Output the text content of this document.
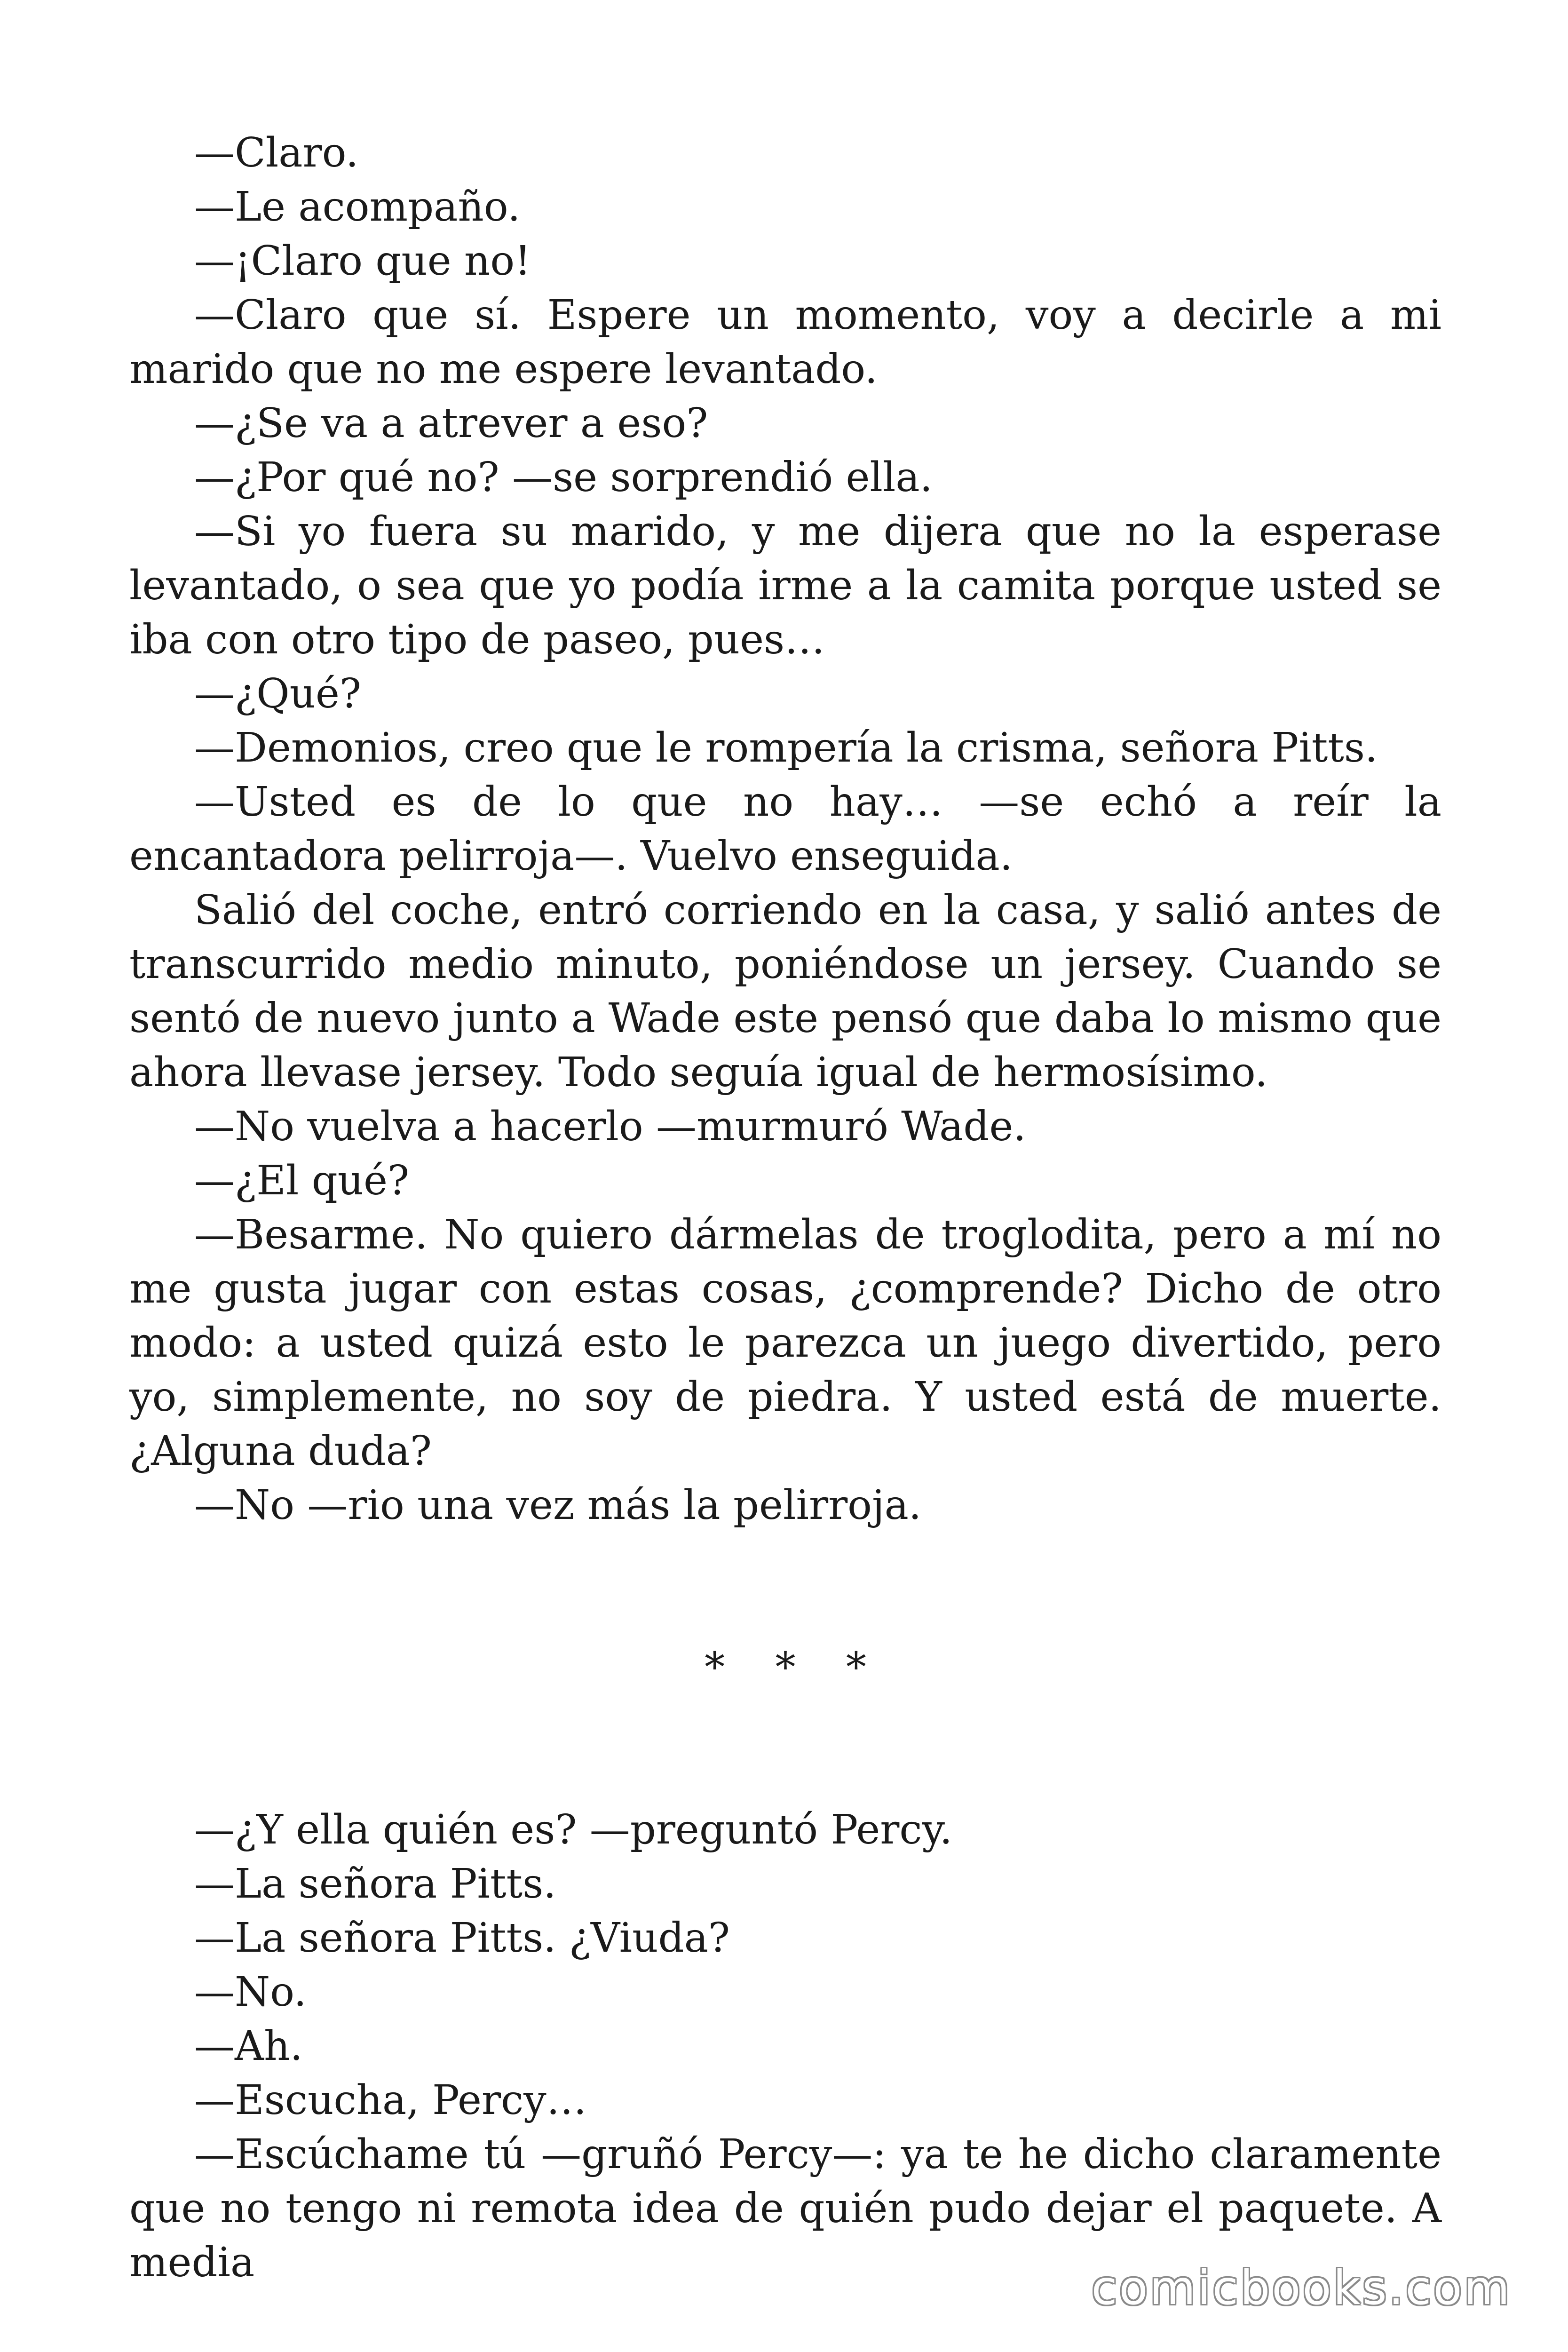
—Claro.

—Le acompaño.

—¡Claro que no!

—Claro que sí. Espere un momento, voy a decirle a mi marido que no me espere levantado.

—¿Se va a atrever a eso?

—¿Por qué no? —se sorprendió ella.

—Si yo fuera su marido, y me dijera que no la esperase levantado, o sea que yo podía irme a la camita porque usted se iba con otro tipo de paseo, pues…

—¿Qué?

—Demonios, creo que le rompería la crisma, señora Pitts.

—Usted es de lo que no hay… —se echó a reír la encantadora pelirroja—. Vuelvo enseguida.

Salió del coche, entró corriendo en la casa, y salió antes de transcurrido medio minuto, poniéndose un jersey. Cuando se sentó de nuevo junto a Wade este pensó que daba lo mismo que ahora llevase jersey. Todo seguía igual de hermosísimo.

—No vuelva a hacerlo —murmuró Wade.

—¿El qué?

—Besarme. No quiero dármelas de troglodita, pero a mí no me gusta jugar con estas cosas, ¿comprende? Dicho de otro modo: a usted quizá esto le parezca un juego divertido, pero yo, simplemente, no soy de piedra. Y usted está de muerte. ¿Alguna duda?

—No —rio una vez más la pelirroja.

* * *

—¿Y ella quién es? —preguntó Percy.

—La señora Pitts.

—La señora Pitts. ¿Viuda?

—No.

—Ah.

—Escucha, Percy…

—Escúchame tú —gruñó Percy—: ya te he dicho claramente que no tengo ni remota idea de quién pudo dejar el paquete. A media	comicbooks.com
